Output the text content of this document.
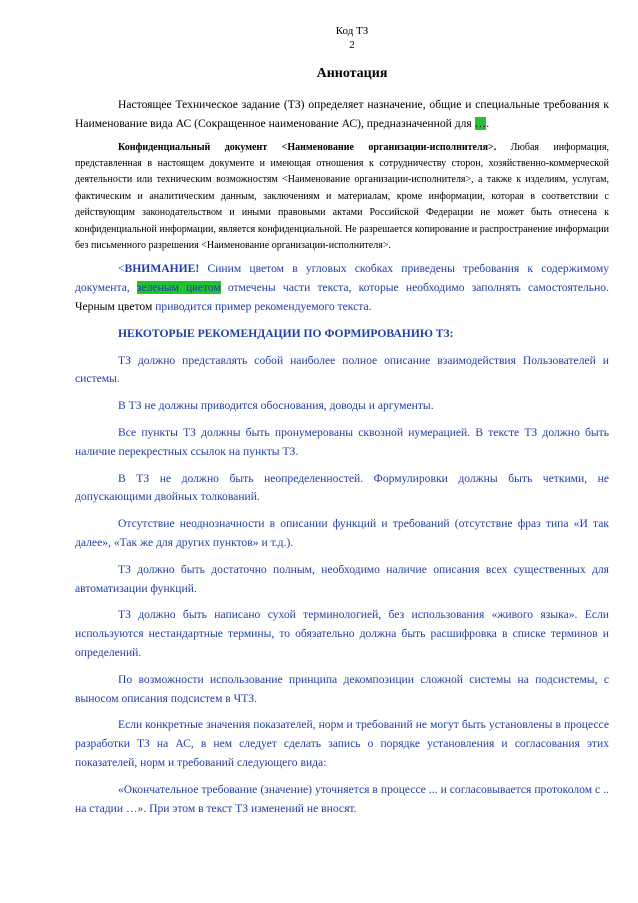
Код ТЗ
2
Аннотация

Настоящее Техническое задание (ТЗ) определяет назначение, общие и специальные требования к Наименование вида АС (Сокращенное наименование АС), предназначенной для ….

Конфиденциальный документ <Наименование организации-исполнителя>. Любая информация, представленная в настоящем документе и имеющая отношения к сотрудничеству сторон, хозяйственно-коммерческой деятельности или техническим возможностям <Наименование организации-исполнителя>, а также к изделиям, услугам, фактическим и аналитическим данным, заключениям и материалам, кроме информации, которая в соответствии с действующим законодательством и иными правовыми актами Российской Федерации не может быть отнесена к конфиденциальной информации, является конфиденциальной. Не разрешается копирование и распространение информации без письменного разрешения <Наименование организации-исполнителя>.

<ВНИМАНИЕ! Синим цветом в угловых скобках приведены требования к содержимому документа, зеленым цветом отмечены части текста, которые необходимо заполнять самостоятельно. Черным цветом приводится пример рекомендуемого текста.

НЕКОТОРЫЕ РЕКОМЕНДАЦИИ ПО ФОРМИРОВАНИЮ ТЗ:

ТЗ должно представлять собой наиболее полное описание взаимодействия Пользователей и системы.

В ТЗ не должны приводится обоснования, доводы и аргументы.

Все пункты ТЗ должны быть пронумерованы сквозной нумерацией. В тексте ТЗ должно быть наличие перекрестных ссылок на пункты ТЗ.

В ТЗ не должно быть неопределенностей. Формулировки должны быть четкими, не допускающими двойных толкований.

Отсутствие неоднозначности в описании функций и требований (отсутствие фраз типа «И так далее», «Так же для других пунктов» и т.д.).

ТЗ должно быть достаточно полным, необходимо наличие описания всех существенных для автоматизации функций.

ТЗ должно быть написано сухой терминологией, без использования «живого языка». Если используются нестандартные термины, то обязательно должна быть расшифровка в списке терминов и определений.

По возможности использование принципа декомпозиции сложной системы на подсистемы, с выносом описания подсистем в ЧТЗ.

Если конкретные значения показателей, норм и требований не могут быть установлены в процессе разработки ТЗ на АС, в нем следует сделать запись о порядке установления и согласования этих показателей, норм и требований следующего вида:

«Окончательное требование (значение) уточняется в процессе ... и согласовывается протоколом с .. на стадии …». При этом в текст ТЗ изменений не вносят.
